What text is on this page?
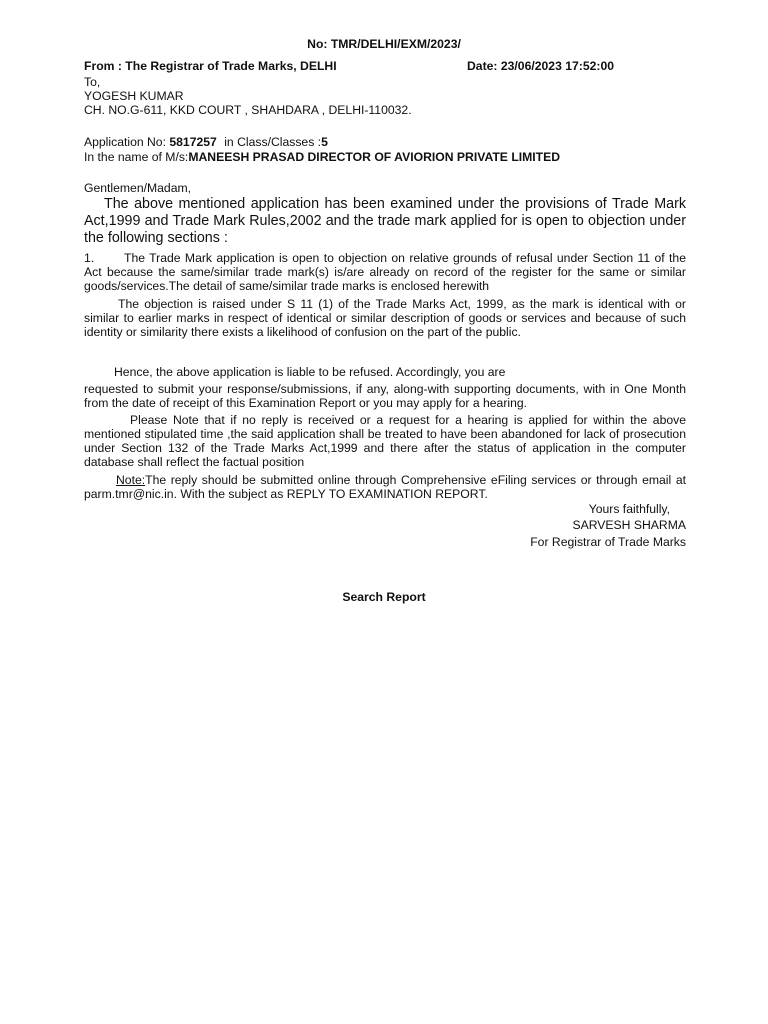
No: TMR/DELHI/EXM/2023/
From : The Registrar of Trade Marks, DELHI	Date: 23/06/2023 17:52:00
To,
YOGESH KUMAR
CH. NO.G-611, KKD COURT , SHAHDARA , DELHI-110032.
Application No: 5817257 in Class/Classes :5
In the name of M/s:MANEESH PRASAD DIRECTOR OF AVIORION PRIVATE LIMITED
Gentlemen/Madam,
The above mentioned application has been examined under the provisions of Trade Mark Act,1999 and Trade Mark Rules,2002 and the trade mark applied for is open to objection under the following sections :
1. The Trade Mark application is open to objection on relative grounds of refusal under Section 11 of the Act because the same/similar trade mark(s) is/are already on record of the register for the same or similar goods/services.The detail of same/similar trade marks is enclosed herewith
The objection is raised under S 11 (1) of the Trade Marks Act, 1999, as the mark is identical with or similar to earlier marks in respect of identical or similar description of goods or services and because of such identity or similarity there exists a likelihood of confusion on the part of the public.
Hence, the above application is liable to be refused. Accordingly, you are
requested to submit your response/submissions, if any, along-with supporting documents, with in One Month from the date of receipt of this Examination Report or you may apply for a hearing.
Please Note that if no reply is received or a request for a hearing is applied for within the above mentioned stipulated time ,the said application shall be treated to have been abandoned for lack of prosecution under Section 132 of the Trade Marks Act,1999 and there after the status of application in the computer database shall reflect the factual position
Note:The reply should be submitted online through Comprehensive eFiling services or through email at parm.tmr@nic.in. With the subject as REPLY TO EXAMINATION REPORT.
Yours faithfully,
SARVESH SHARMA
For Registrar of Trade Marks
Search Report
